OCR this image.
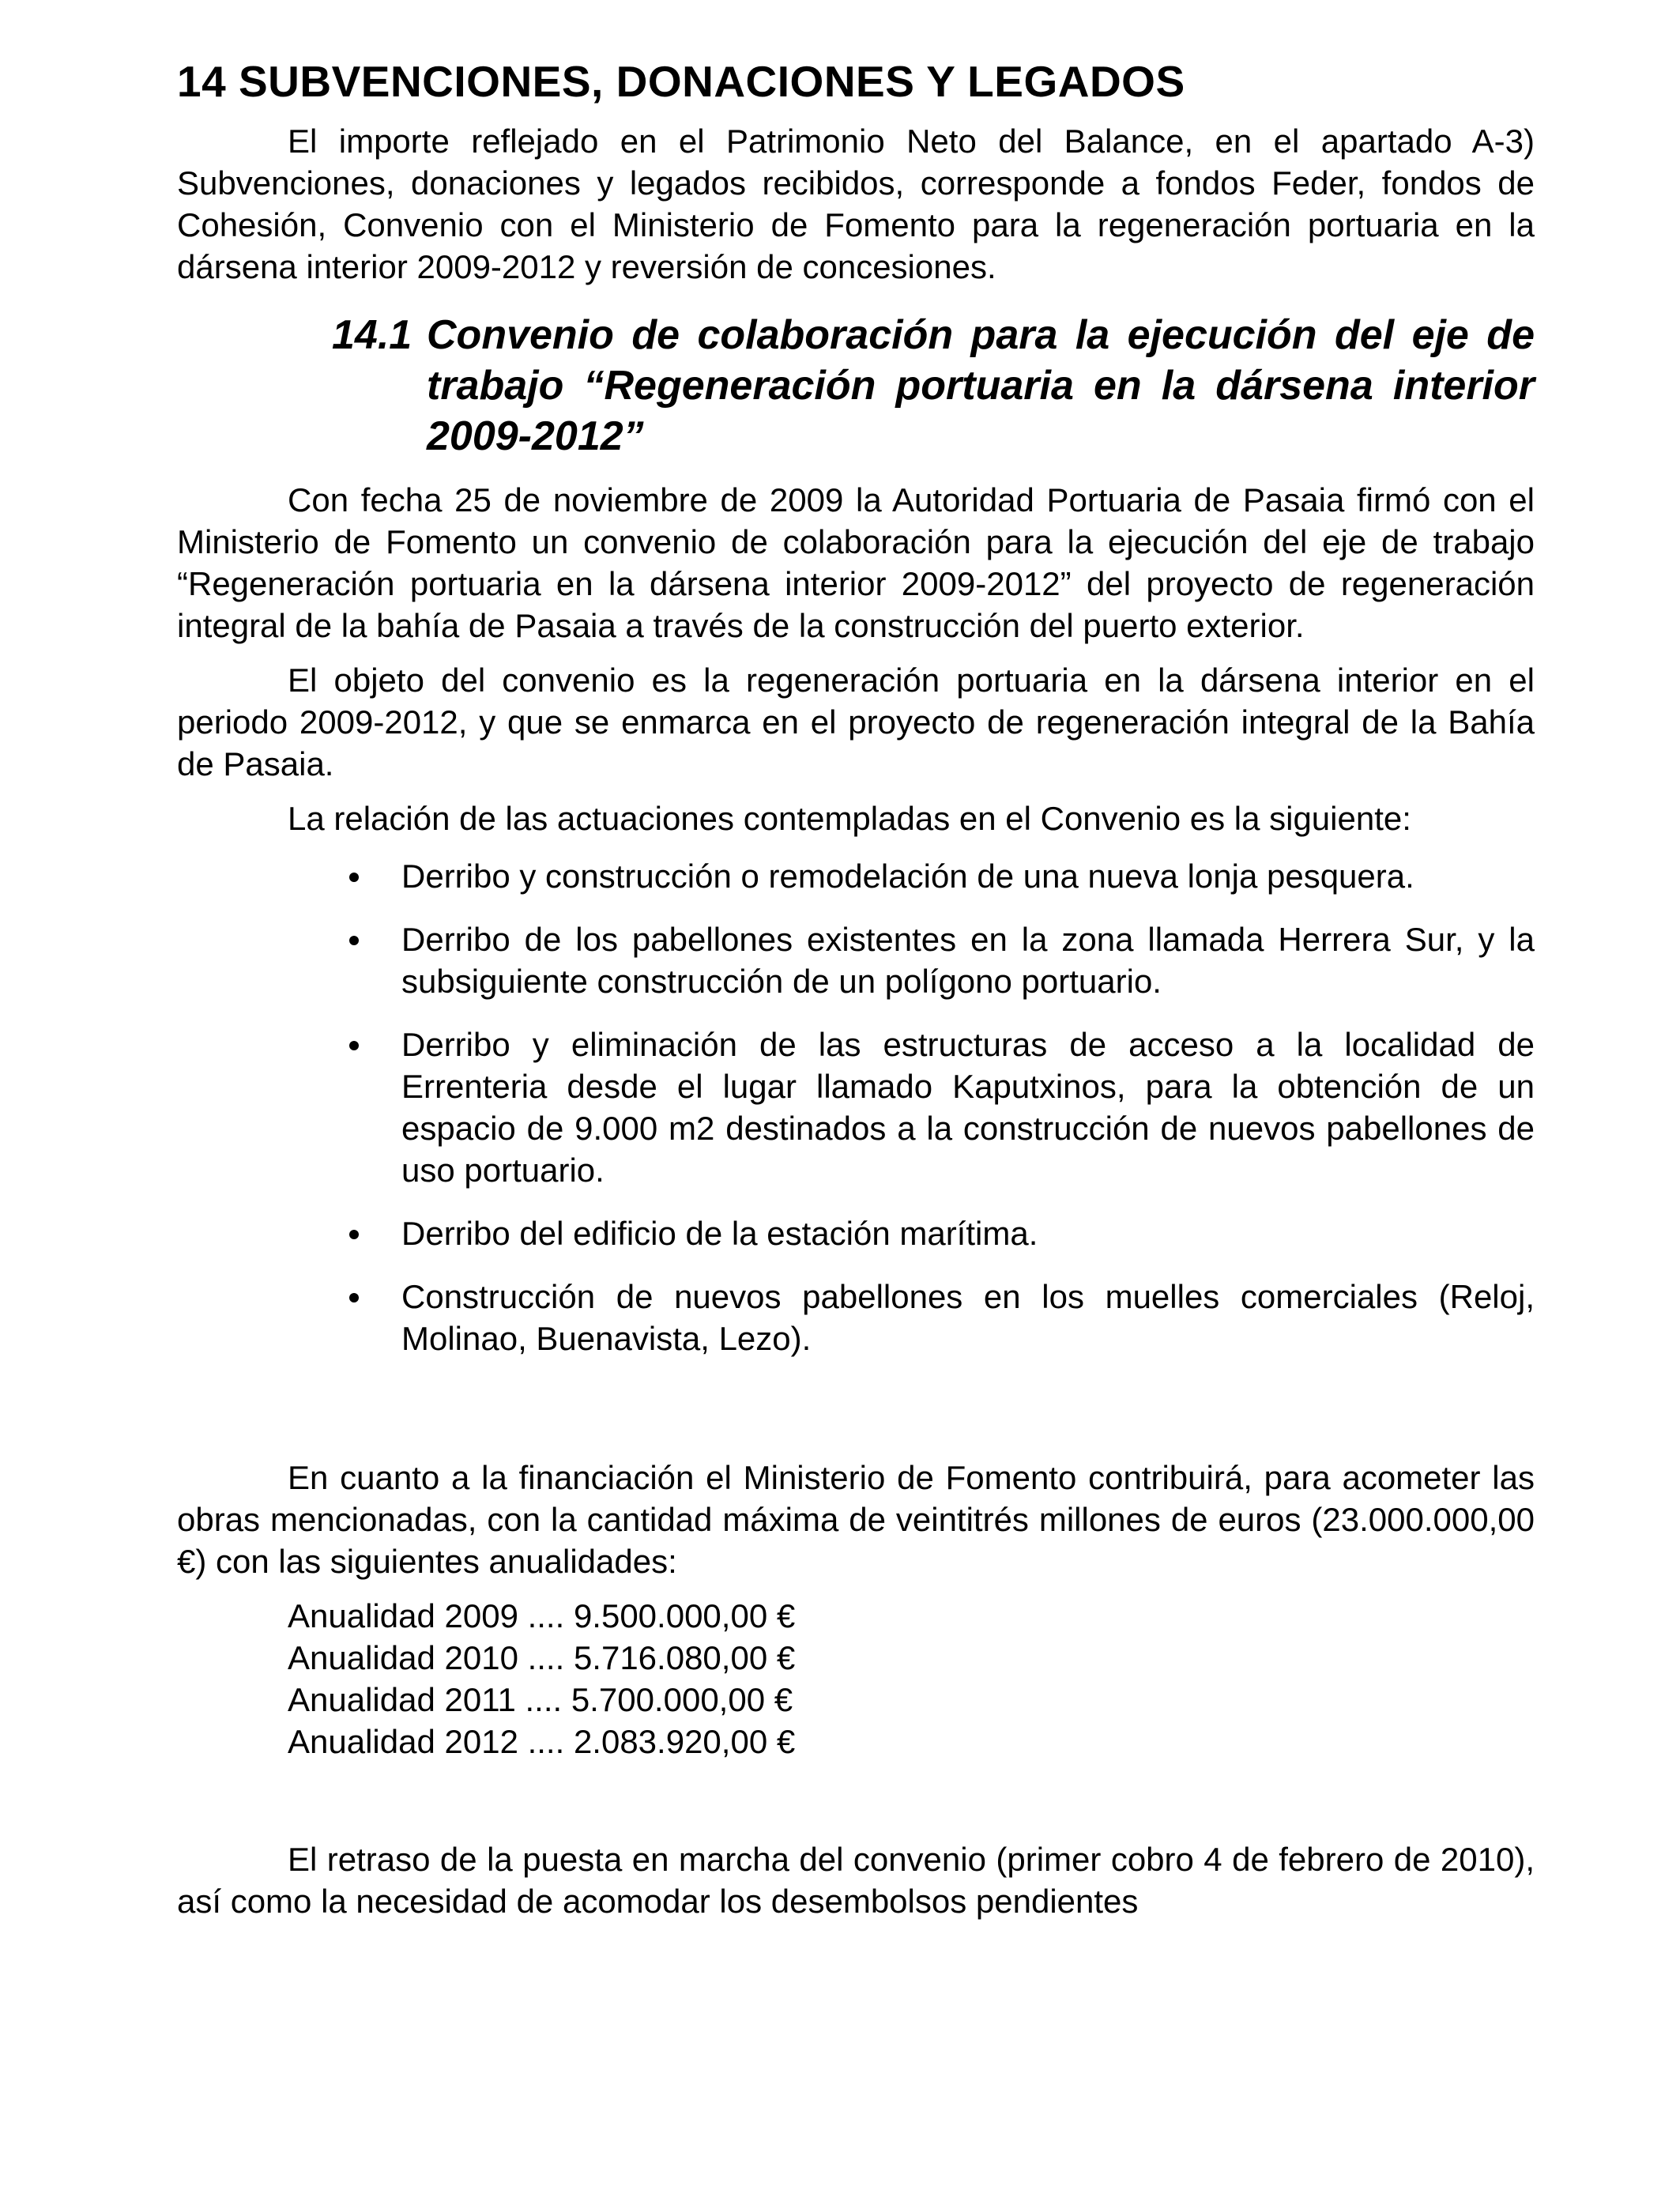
14 SUBVENCIONES, DONACIONES Y LEGADOS

El importe reflejado en el Patrimonio Neto del Balance, en el apartado A-3) Subvenciones, donaciones y legados recibidos, corresponde a fondos Feder, fondos de Cohesión, Convenio con el Ministerio de Fomento para la regeneración portuaria en la dársena interior 2009-2012 y reversión de concesiones.

14.1 Convenio de colaboración para la ejecución del eje de trabajo “Regeneración portuaria en la dársena interior 2009-2012”

Con fecha 25 de noviembre de 2009 la Autoridad Portuaria de Pasaia firmó con el Ministerio de Fomento un convenio de colaboración para la ejecución del eje de trabajo “Regeneración portuaria en la dársena interior 2009-2012” del proyecto de regeneración integral de la bahía de Pasaia a través de la construcción del puerto exterior.

El objeto del convenio es la regeneración portuaria en la dársena interior en el periodo 2009-2012, y que se enmarca en el proyecto de regeneración integral de la Bahía de Pasaia.

La relación de las actuaciones contempladas en el Convenio es la siguiente:

Derribo y construcción o remodelación de una nueva lonja pesquera.
Derribo de los pabellones existentes en la zona llamada Herrera Sur, y la subsiguiente construcción de un polígono portuario.
Derribo y eliminación de las estructuras de acceso a la localidad de Errenteria desde el lugar llamado Kaputxinos, para la obtención de un espacio de 9.000 m2 destinados a la construcción de nuevos pabellones de uso portuario.
Derribo del edificio de la estación marítima.
Construcción de nuevos pabellones en los muelles comerciales (Reloj, Molinao, Buenavista, Lezo).

En cuanto a la financiación el Ministerio de Fomento contribuirá, para acometer las obras mencionadas, con la cantidad máxima de veintitrés millones de euros (23.000.000,00 €) con las siguientes anualidades:

Anualidad 2009 .... 9.500.000,00 €
Anualidad 2010 .... 5.716.080,00 €
Anualidad 2011 .... 5.700.000,00 €
Anualidad 2012 .... 2.083.920,00 €

El retraso de la puesta en marcha del convenio (primer cobro 4 de febrero de 2010), así como la necesidad de acomodar los desembolsos pendientes
